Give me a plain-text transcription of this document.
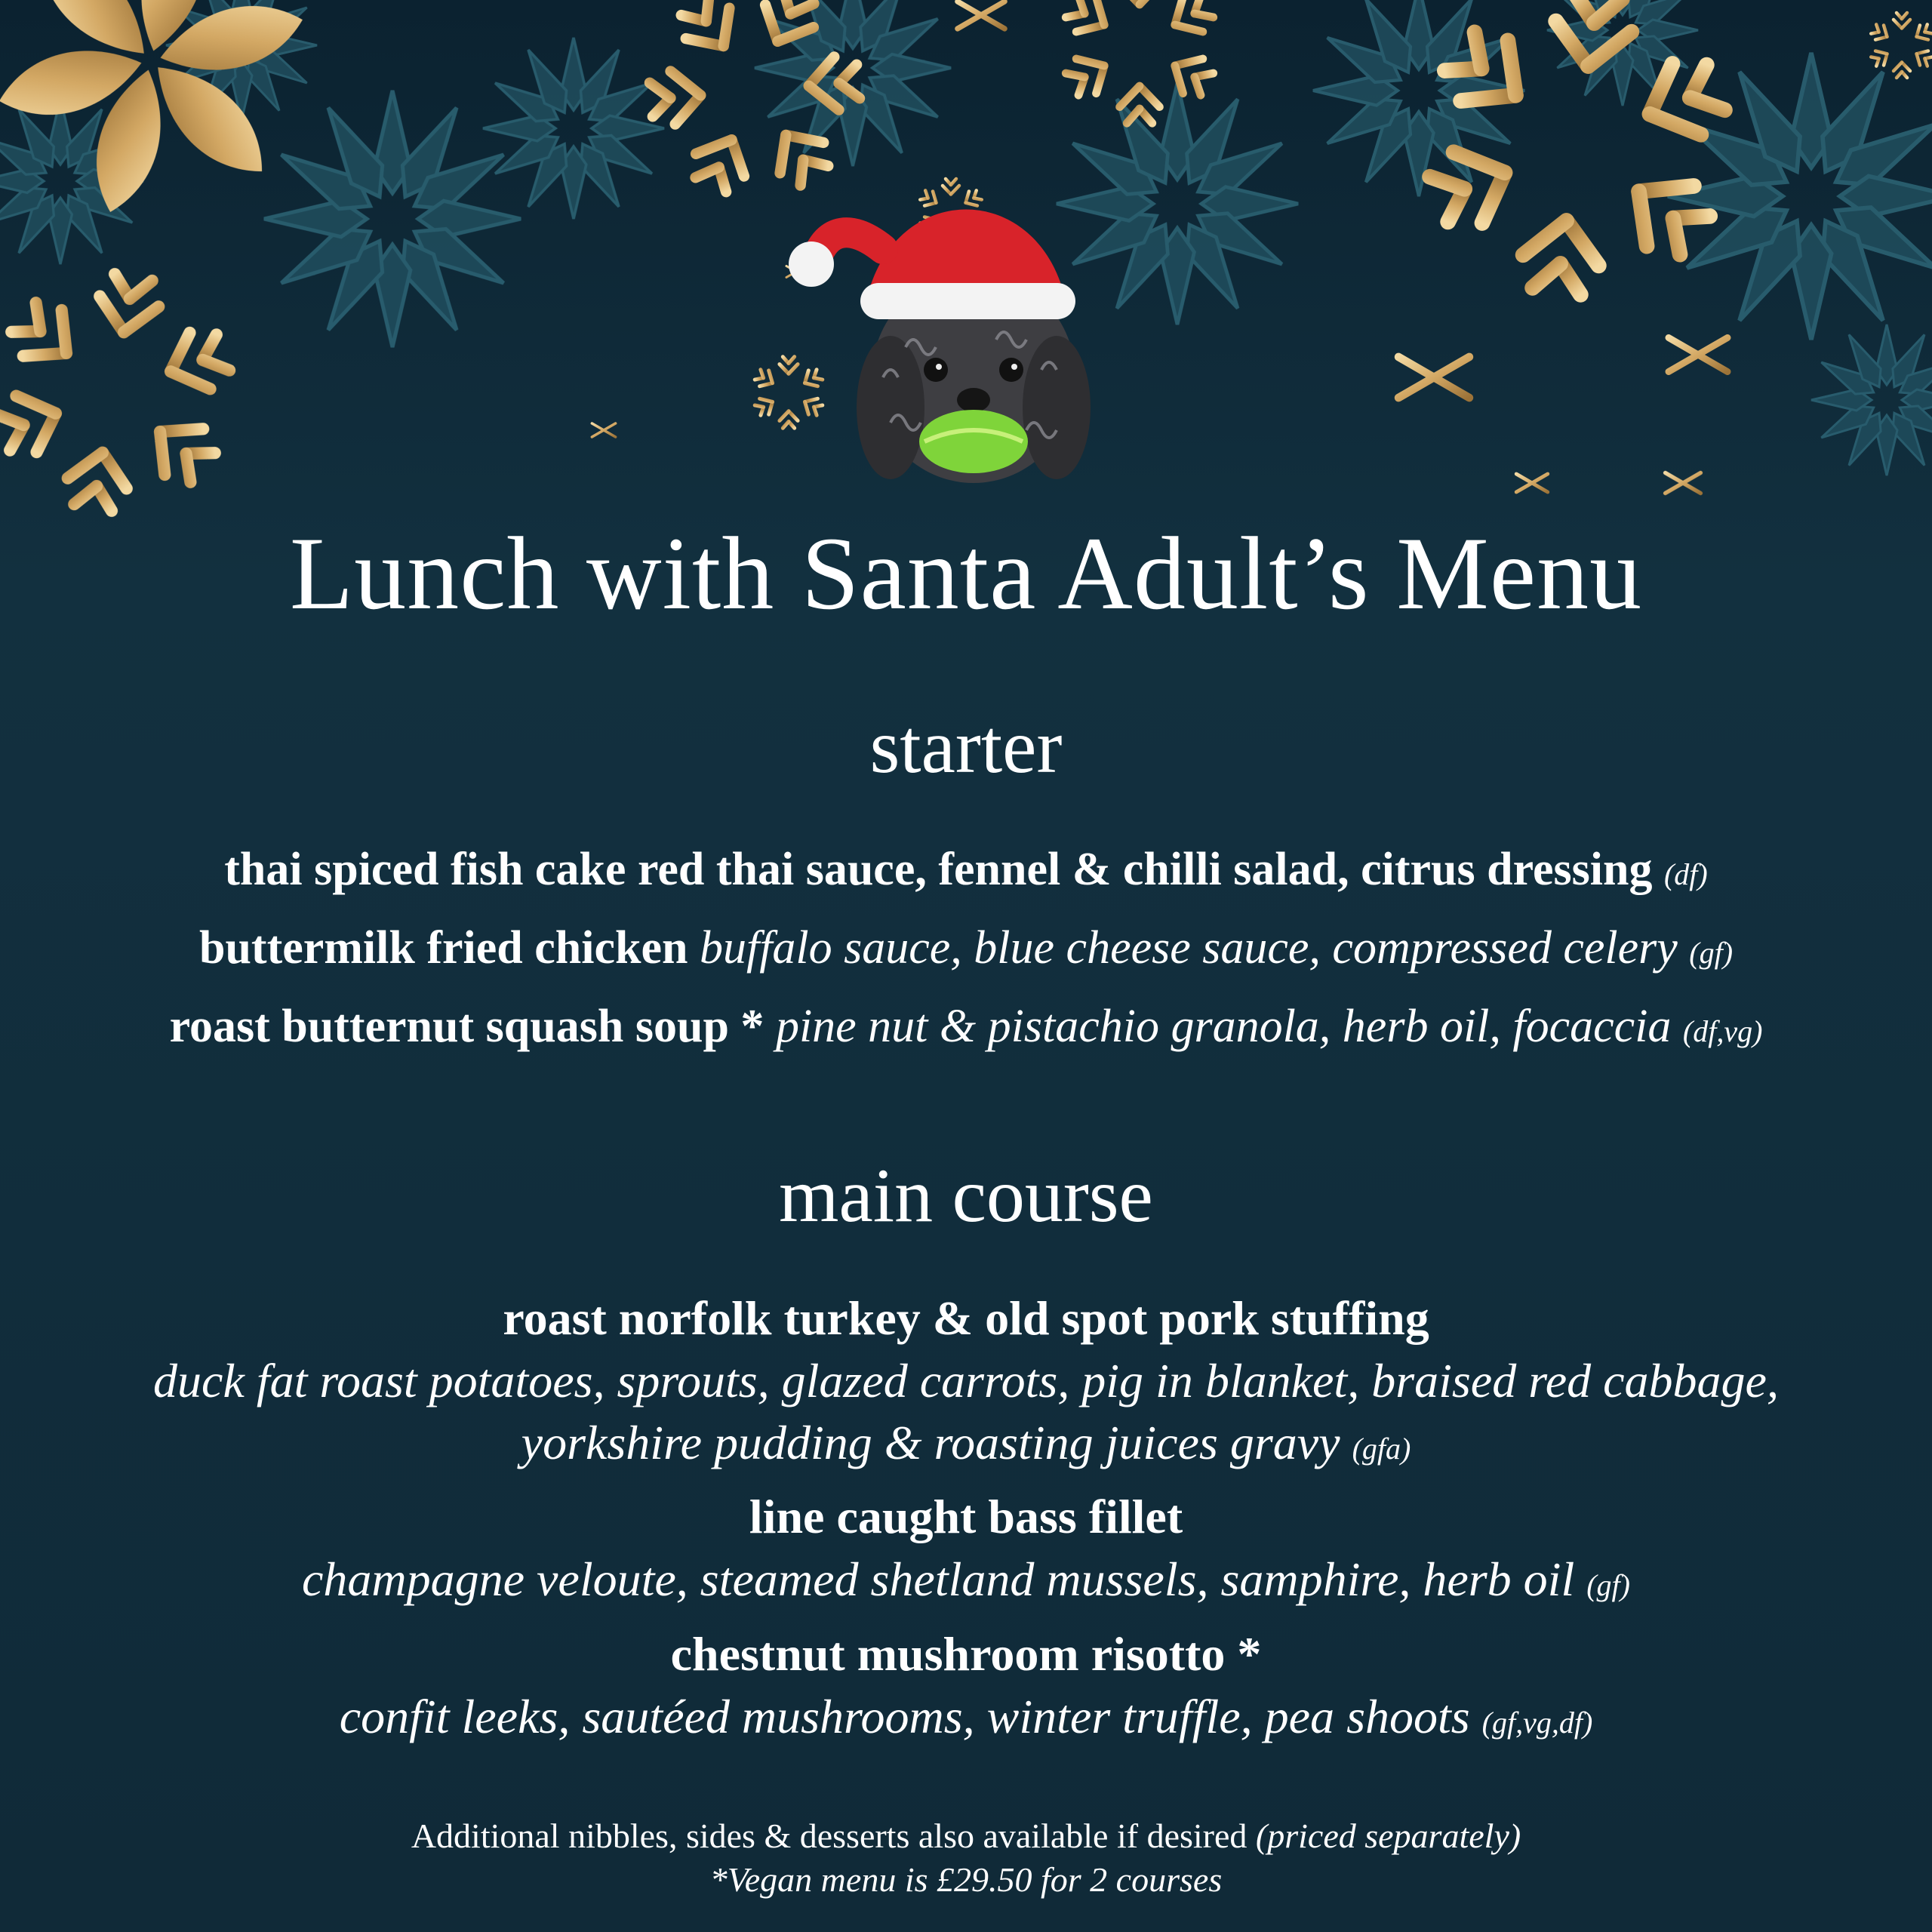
Lunch with Santa Adult’s Menu
starter
thai spiced fish cake red thai sauce, fennel & chilli salad, citrus dressing (df)
buttermilk fried chicken buffalo sauce, blue cheese sauce, compressed celery (gf)
roast butternut squash soup * pine nut & pistachio granola, herb oil, focaccia (df,vg)
main course
roast norfolk turkey & old spot pork stuffing
duck fat roast potatoes, sprouts, glazed carrots, pig in blanket, braised red cabbage, yorkshire pudding & roasting juices gravy (gfa)
line caught bass fillet
champagne veloute, steamed shetland mussels, samphire, herb oil (gf)
chestnut mushroom risotto *
confit leeks, sautéed mushrooms, winter truffle, pea shoots (gf,vg,df)
Additional nibbles, sides & desserts also available if desired (priced separately)
*Vegan menu is £29.50 for 2 courses
